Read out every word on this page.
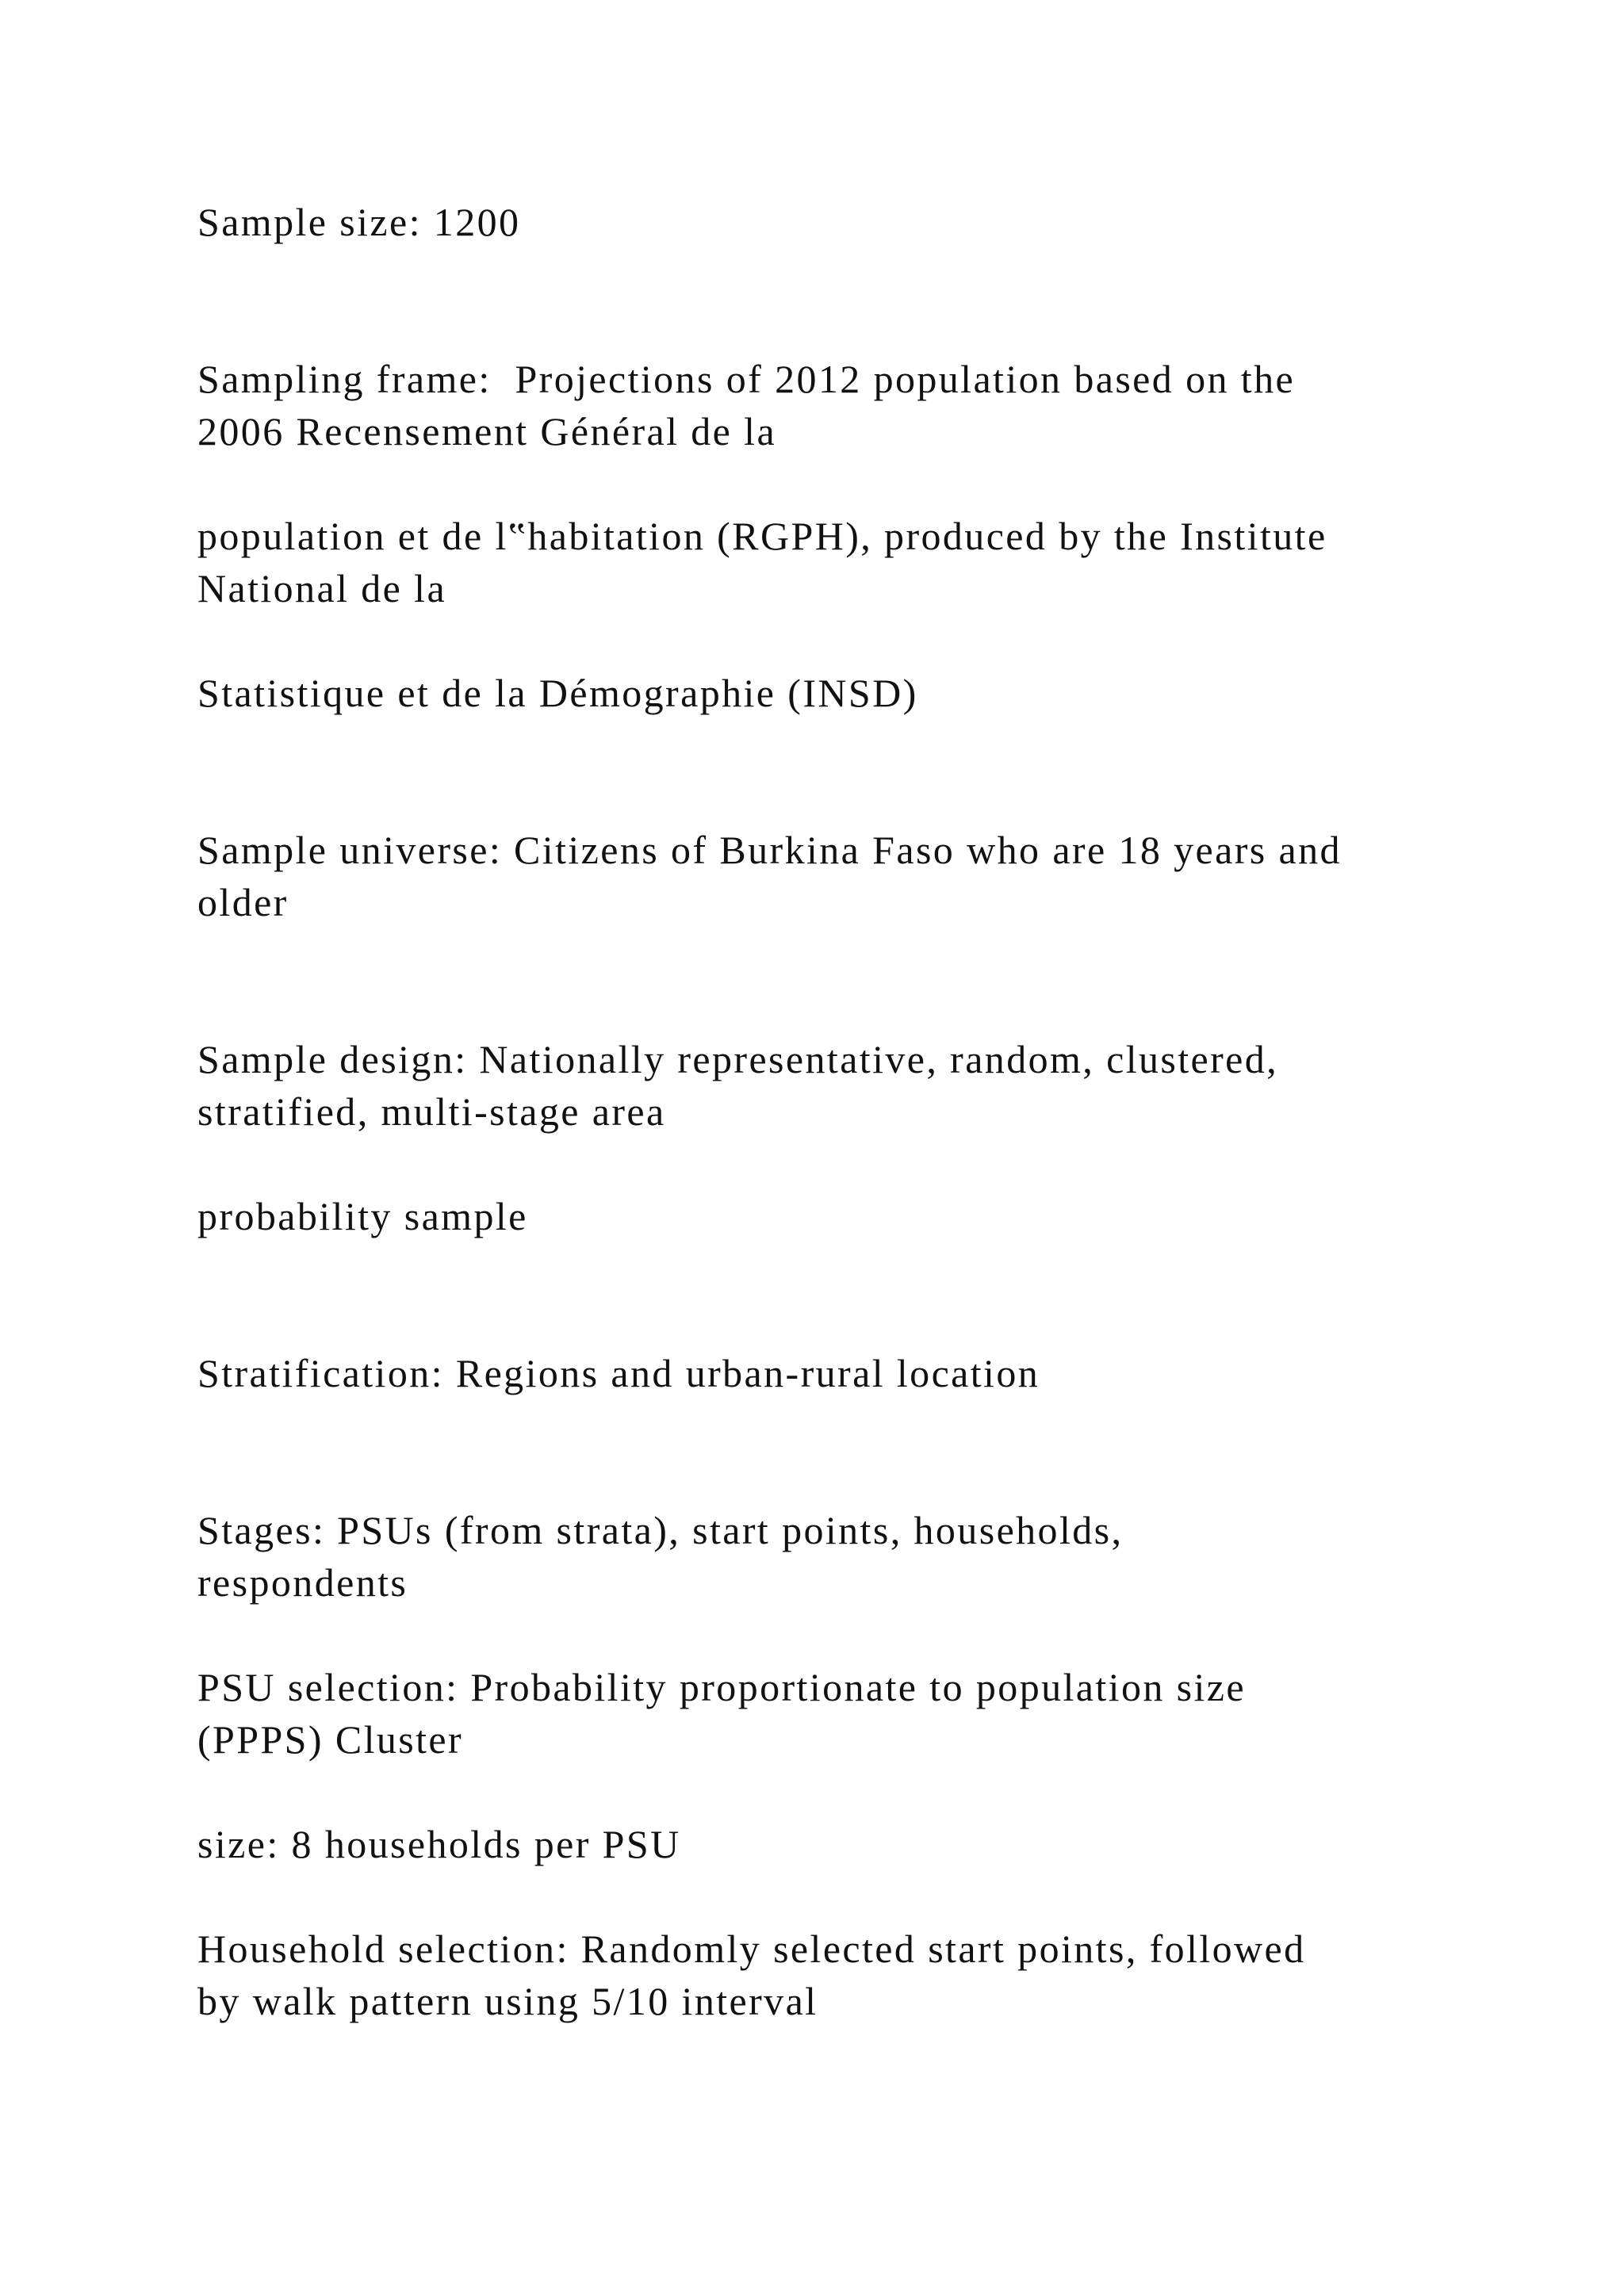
Sample size: 1200

Sampling frame:  Projections of 2012 population based on the

2006 Recensement Général de la

population et de l‟habitation (RGPH), produced by the Institute

National de la

Statistique et de la Démographie (INSD)

Sample universe: Citizens of Burkina Faso who are 18 years and

older

Sample design: Nationally representative, random, clustered,

stratified, multi-stage area

probability sample

Stratification: Regions and urban-rural location

Stages: PSUs (from strata), start points, households,

respondents

PSU selection: Probability proportionate to population size

(PPPS) Cluster

size: 8 households per PSU

Household selection: Randomly selected start points, followed

by walk pattern using 5/10 interval
